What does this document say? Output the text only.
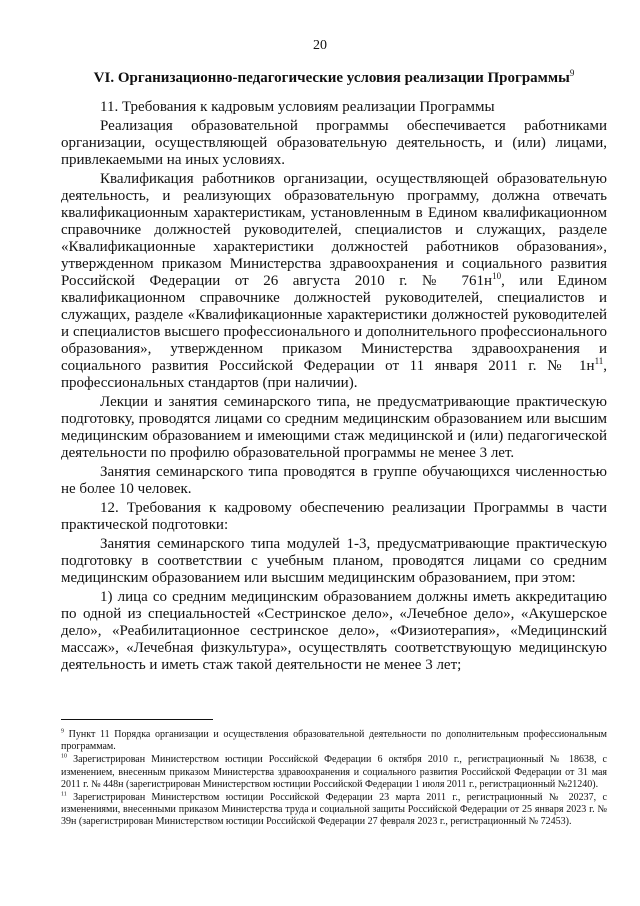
20
VI. Организационно-педагогические условия реализации Программы$^9$

11. Требования к кадровым условиям реализации Программы

Реализация образовательной программы обеспечивается работниками организации, осуществляющей образовательную деятельность, и (или) лицами, привлекаемыми на иных условиях.

Квалификация работников организации, осуществляющей образовательную деятельность, и реализующих образовательную программу, должна отвечать квалификационным характеристикам, установленным в Едином квалификационном справочнике должностей руководителей, специалистов и служащих, разделе «Квалификационные характеристики должностей работников образования», утвержденном приказом Министерства здравоохранения и социального развития Российской Федерации от 26 августа 2010 г. № $761н^{10}$, или Едином квалификационном справочнике должностей руководителей, специалистов и служащих, разделе «Квалификационные характеристики должностей руководителей и специалистов высшего профессионального и дополнительного профессионального образования», утвержденном приказом Министерства здравоохранения и социального развития Российской Федерации от 11 января 2011 г. № $1н^{11}$, профессиональных стандартов (при наличии).

Лекции и занятия семинарского типа, не предусматривающие практическую подготовку, проводятся лицами со средним медицинским образованием или высшим медицинским образованием и имеющими стаж медицинской и (или) педагогической деятельности по профилю образовательной программы не менее 3 лет.

Занятия семинарского типа проводятся в группе обучающихся численностью не более 10 человек.

12. Требования к кадровому обеспечению реализации Программы в части практической подготовки:

Занятия семинарского типа модулей 1-3, предусматривающие практическую подготовку в соответствии с учебным планом, проводятся лицами со средним медицинским образованием или высшим медицинским образованием, при этом:

1) лица со средним медицинским образованием должны иметь аккредитацию по одной из специальностей «Сестринское дело», «Лечебное дело», «Акушерское дело», «Реабилитационное сестринское дело», «Физиотерапия», «Медицинский массаж», «Лечебная физкультура», осуществлять соответствующую медицинскую деятельность и иметь стаж такой деятельности не менее 3 лет;

$^9$ Пункт 11 Порядка организации и осуществления образовательной деятельности по дополнительным профессиональным программам.

$^{10}$ Зарегистрирован Министерством юстиции Российской Федерации 6 октября 2010 г., регистрационный № 18638, с изменением, внесенным приказом Министерства здравоохранения и социального развития Российской Федерации от 31 мая 2011 г. № 448н (зарегистрирован Министерством юстиции Российской Федерации 1 июля 2011 г., регистрационный №21240).

$^{11}$ Зарегистрирован Министерством юстиции Российской Федерации 23 марта 2011 г., регистрационный № 20237, с изменениями, внесенными приказом Министерства труда и социальной защиты Российской Федерации от 25 января 2023 г. № 39н (зарегистрирован Министерством юстиции Российской Федерации 27 февраля 2023 г., регистрационный № 72453).
